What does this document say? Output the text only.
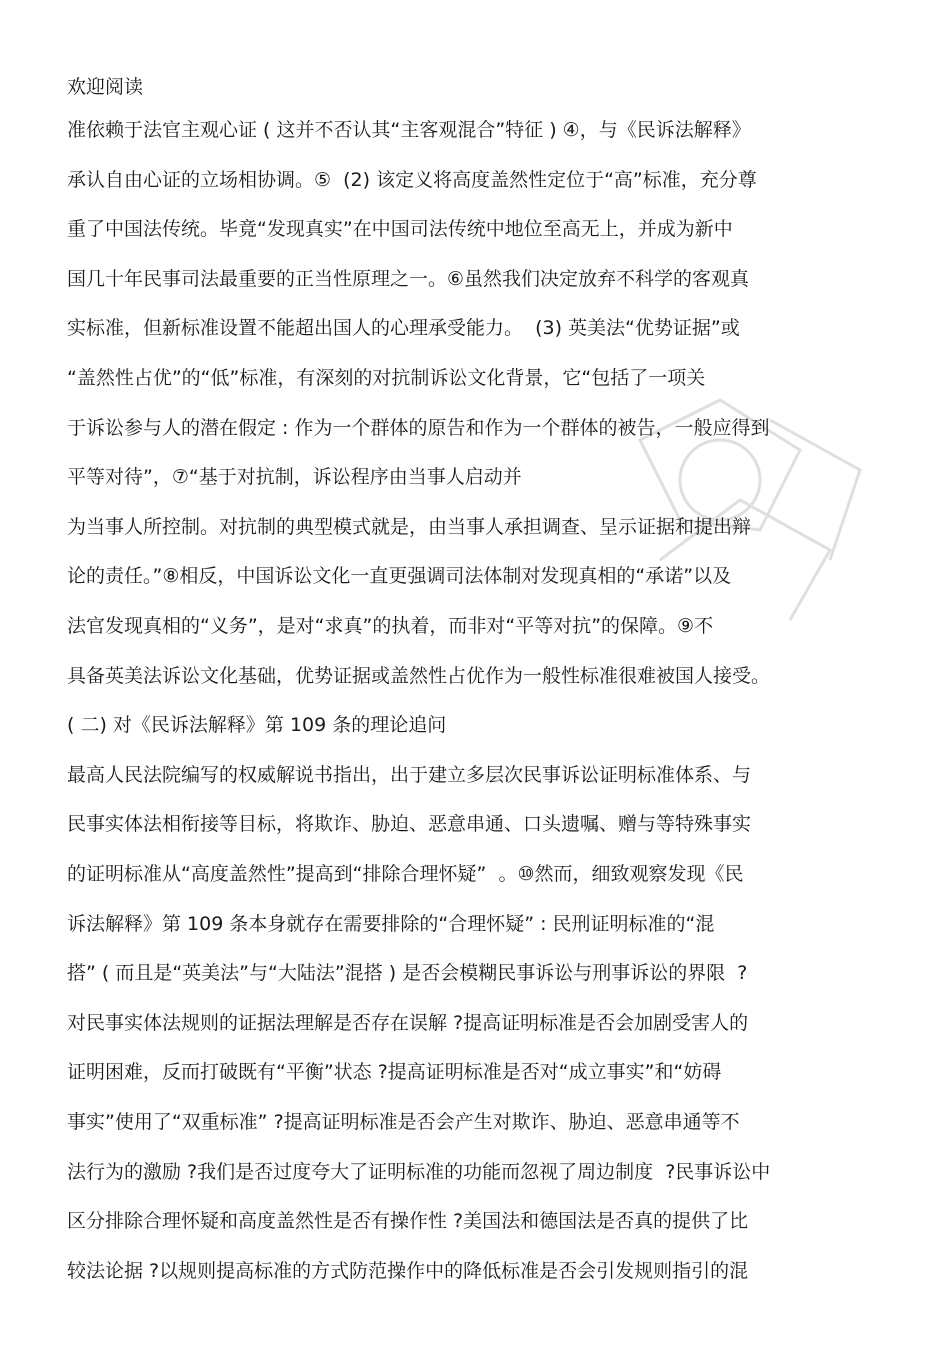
欢迎阅读
准依赖于法官主观心证 ( 这并不否认其“主客观混合”特征 ) ④，与《民诉法解释》
承认自由心证的立场相协调。⑤  (2) 该定义将高度盖然性定位于“高”标准，充分尊
重了中国法传统。毕竟“发现真实”在中国司法传统中地位至高无上，并成为新中
国几十年民事司法最重要的正当性原理之一。⑥虽然我们决定放弃不科学的客观真
实标准，但新标准设置不能超出国人的心理承受能力。  (3) 英美法“优势证据”或
“盖然性占优”的“低”标准，有深刻的对抗制诉讼文化背景，它“包括了一项关
于诉讼参与人的潜在假定 : 作为一个群体的原告和作为一个群体的被告，一般应得到
平等对待”，⑦“基于对抗制，诉讼程序由当事人启动并
为当事人所控制。对抗制的典型模式就是，由当事人承担调查、呈示证据和提出辩
论的责任。”⑧相反，中国诉讼文化一直更强调司法体制对发现真相的“承诺”以及
法官发现真相的“义务”，是对“求真”的执着，而非对“平等对抗”的保障。⑨不
具备英美法诉讼文化基础，优势证据或盖然性占优作为一般性标准很难被国人接受。
( 二) 对《民诉法解释》第 109 条的理论追问
最高人民法院编写的权威解说书指出，出于建立多层次民事诉讼证明标准体系、与
民事实体法相衔接等目标，将欺诈、胁迫、恶意串通、口头遗嘱、赠与等特殊事实
的证明标准从“高度盖然性”提高到“排除合理怀疑”  。⑩然而，细致观察发现《民
诉法解释》第 109 条本身就存在需要排除的“合理怀疑” : 民刑证明标准的“混
搭” ( 而且是“英美法”与“大陆法”混搭 ) 是否会模糊民事诉讼与刑事诉讼的界限  ?
对民事实体法规则的证据法理解是否存在误解 ?提高证明标准是否会加剧受害人的
证明困难，反而打破既有“平衡”状态 ?提高证明标准是否对“成立事实”和“妨碍
事实”使用了“双重标准” ?提高证明标准是否会产生对欺诈、胁迫、恶意串通等不
法行为的激励 ?我们是否过度夸大了证明标准的功能而忽视了周边制度  ?民事诉讼中
区分排除合理怀疑和高度盖然性是否有操作性 ?美国法和德国法是否真的提供了比
较法论据 ?以规则提高标准的方式防范操作中的降低标准是否会引发规则指引的混
